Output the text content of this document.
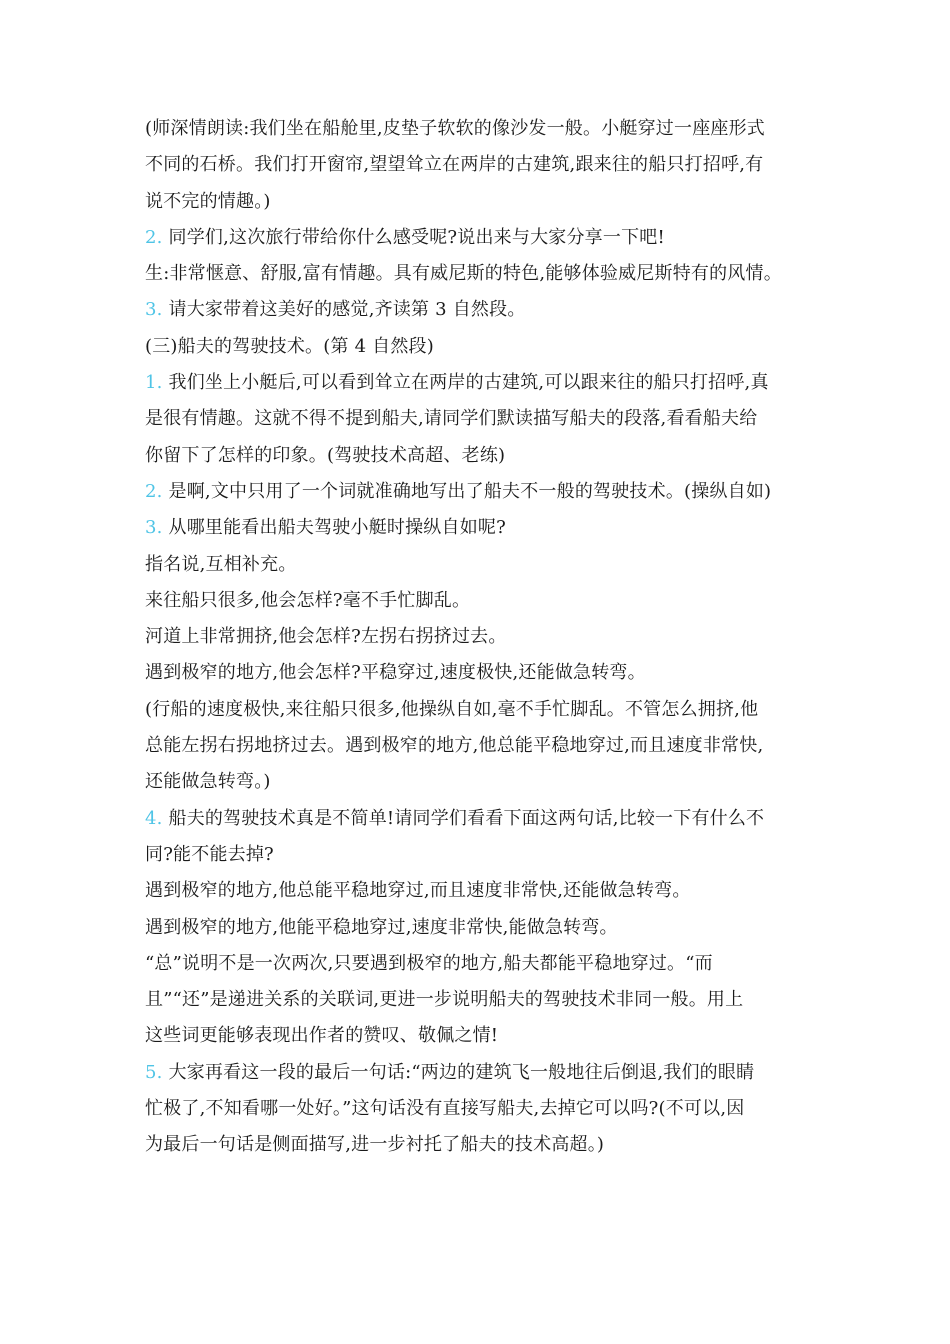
(师深情朗读:我们坐在船舱里,皮垫子软软的像沙发一般。小艇穿过一座座形式
不同的石桥。我们打开窗帘,望望耸立在两岸的古建筑,跟来往的船只打招呼,有
说不完的情趣。)
2. 同学们,这次旅行带给你什么感受呢?说出来与大家分享一下吧!
生:非常惬意、舒服,富有情趣。具有威尼斯的特色,能够体验威尼斯特有的风情。
3. 请大家带着这美好的感觉,齐读第 3 自然段。
(三)船夫的驾驶技术。(第 4 自然段)
1. 我们坐上小艇后,可以看到耸立在两岸的古建筑,可以跟来往的船只打招呼,真
是很有情趣。这就不得不提到船夫,请同学们默读描写船夫的段落,看看船夫给
你留下了怎样的印象。(驾驶技术高超、老练)
2. 是啊,文中只用了一个词就准确地写出了船夫不一般的驾驶技术。(操纵自如)
3. 从哪里能看出船夫驾驶小艇时操纵自如呢?
指名说,互相补充。
来往船只很多,他会怎样?毫不手忙脚乱。
河道上非常拥挤,他会怎样?左拐右拐挤过去。
遇到极窄的地方,他会怎样?平稳穿过,速度极快,还能做急转弯。
(行船的速度极快,来往船只很多,他操纵自如,毫不手忙脚乱。不管怎么拥挤,他
总能左拐右拐地挤过去。遇到极窄的地方,他总能平稳地穿过,而且速度非常快,
还能做急转弯。)
4. 船夫的驾驶技术真是不简单!请同学们看看下面这两句话,比较一下有什么不
同?能不能去掉?
遇到极窄的地方,他总能平稳地穿过,而且速度非常快,还能做急转弯。
遇到极窄的地方,他能平稳地穿过,速度非常快,能做急转弯。
“总”说明不是一次两次,只要遇到极窄的地方,船夫都能平稳地穿过。“而
且”“还”是递进关系的关联词,更进一步说明船夫的驾驶技术非同一般。用上
这些词更能够表现出作者的赞叹、敬佩之情!
5. 大家再看这一段的最后一句话:“两边的建筑飞一般地往后倒退,我们的眼睛
忙极了,不知看哪一处好。”这句话没有直接写船夫,去掉它可以吗?(不可以,因
为最后一句话是侧面描写,进一步衬托了船夫的技术高超。)
